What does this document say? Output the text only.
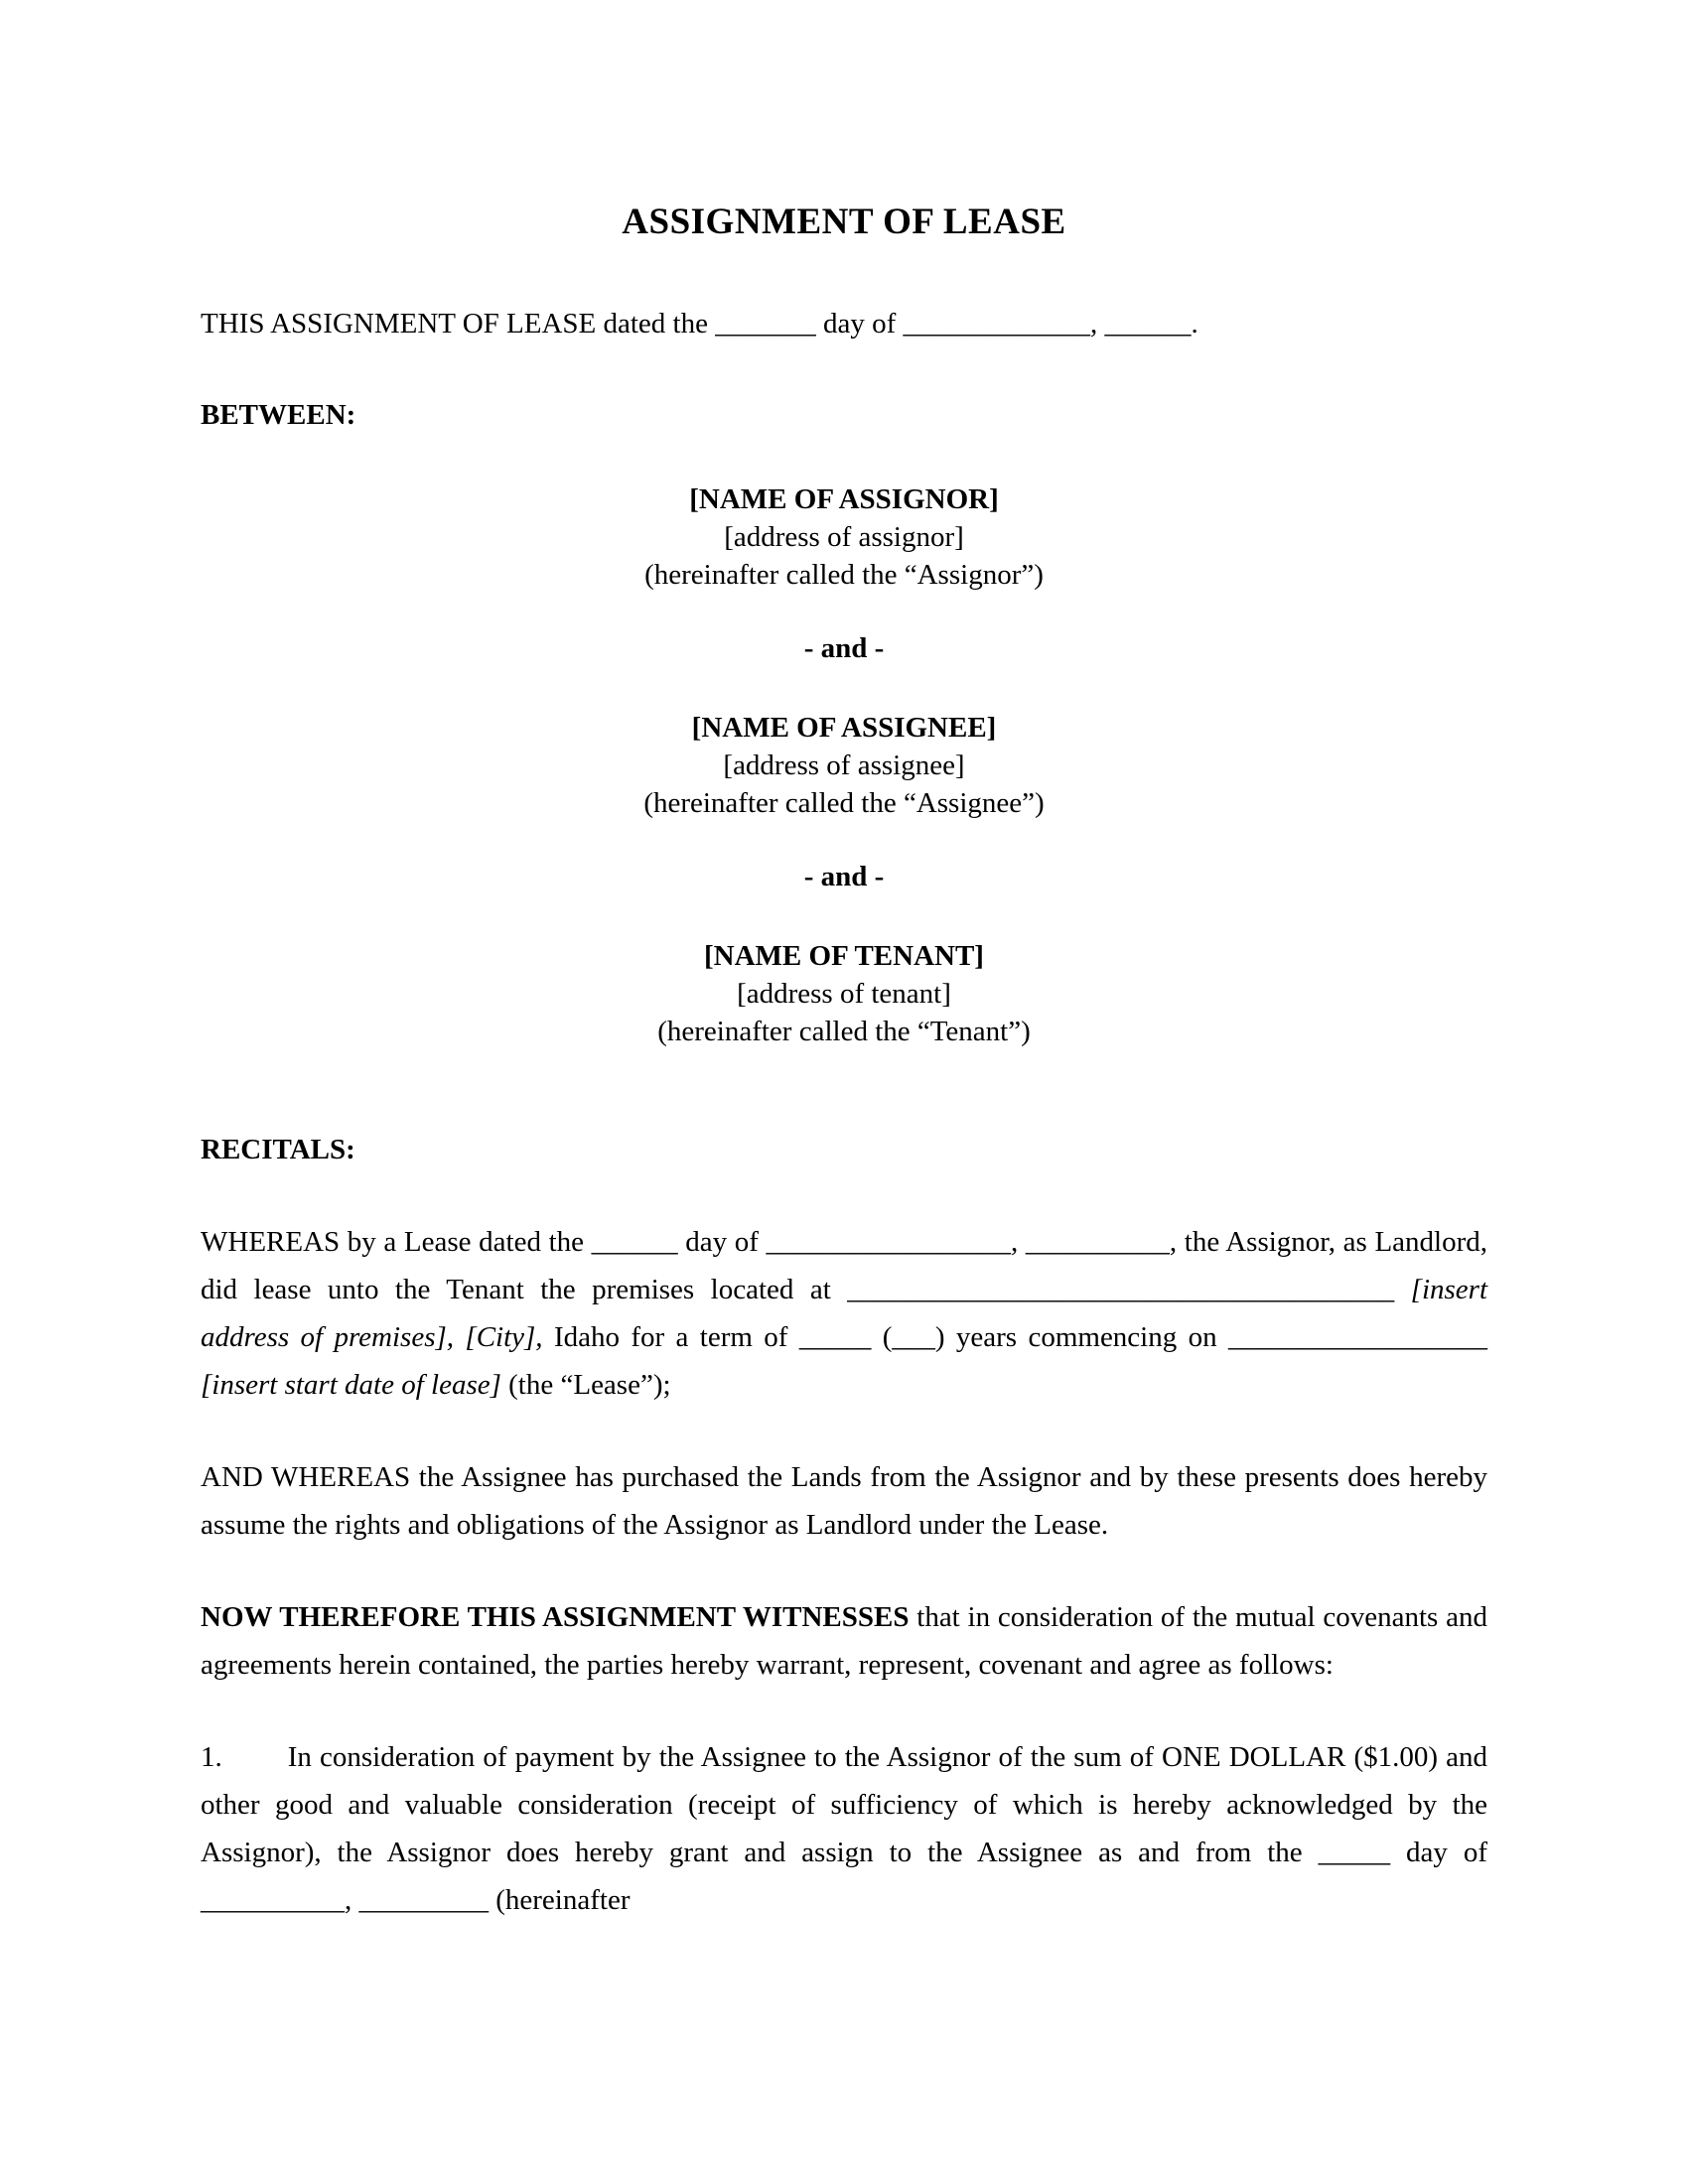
ASSIGNMENT OF LEASE

THIS ASSIGNMENT OF LEASE dated the _______ day of _____________, ______.

BETWEEN:

[NAME OF ASSIGNOR]
[address of assignor]
(hereinafter called the “Assignor”)
- and -
[NAME OF ASSIGNEE]
[address of assignee]
(hereinafter called the “Assignee”)
- and -
[NAME OF TENANT]
[address of tenant]
(hereinafter called the “Tenant”)

RECITALS:

WHEREAS by a Lease dated the ______ day of _________________, __________, the Assignor, as Landlord, did lease unto the Tenant the premises located at ______________________________________ [insert address of premises], [City], Idaho for a term of _____ (___) years commencing on __________________ [insert start date of lease] (the “Lease”);

AND WHEREAS the Assignee has purchased the Lands from the Assignor and by these presents does hereby assume the rights and obligations of the Assignor as Landlord under the Lease.

NOW THEREFORE THIS ASSIGNMENT WITNESSES that in consideration of the mutual covenants and agreements herein contained, the parties hereby warrant, represent, covenant and agree as follows:

1. In consideration of payment by the Assignee to the Assignor of the sum of ONE DOLLAR ($1.00) and other good and valuable consideration (receipt of sufficiency of which is hereby acknowledged by the Assignor), the Assignor does hereby grant and assign to the Assignee as and from the _____ day of __________, _________ (hereinafter
